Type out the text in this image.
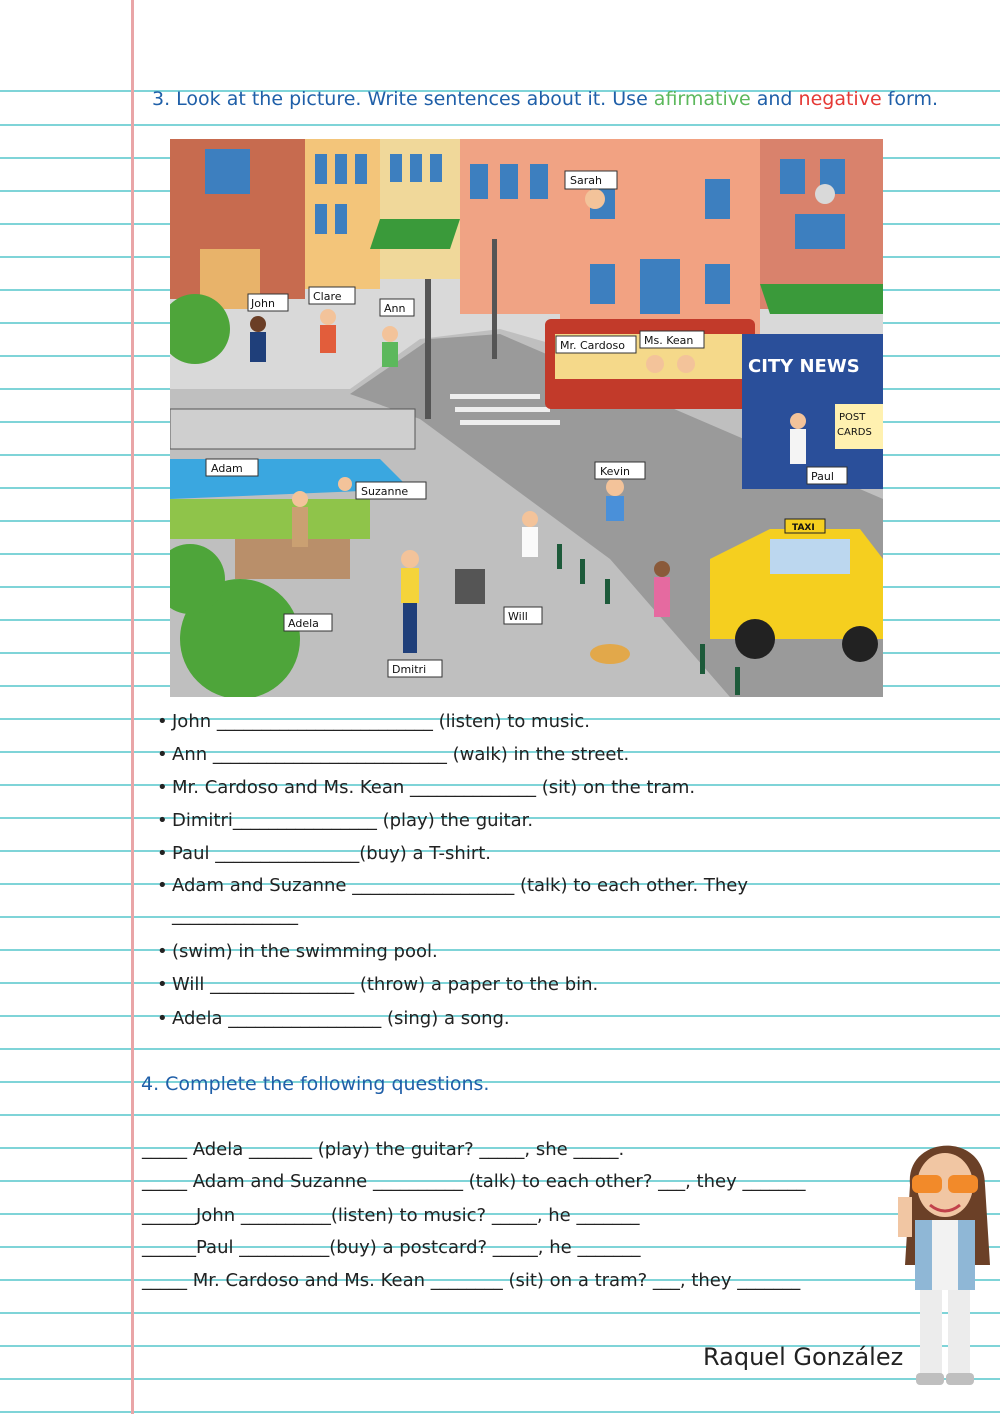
3. Look at the picture. Write sentences about it. Use afirmative and negative form.
Sarah
John
Clare
Ann
Mr. Cardoso Ms. Kean
CITY NEWS
POST
CARDS
Adam
Suzanne
Kevin	Paul
TAXI
Adela
Will
Dmitri
• John ________________________ (listen) to music.
• Ann __________________________ (walk) in the street.
• Mr. Cardoso and Ms. Kean ______________ (sit) on the tram.
• Dimitri________________ (play) the guitar.
• Paul ________________(buy) a T-shirt.
• Adam and Suzanne __________________ (talk) to each other. They
______________
• (swim) in the swimming pool.
• Will ________________ (throw) a paper to the bin.
• Adela _________________ (sing) a song.
4. Complete the following questions.
_____ Adela _______ (play) the guitar? _____, she _____.
_____ Adam and Suzanne __________ (talk) to each other? ___, they _______
______John __________(listen) to music? _____, he _______
______Paul __________(buy) a postcard? _____, he _______
_____ Mr. Cardoso and Ms. Kean ________ (sit) on a tram? ___, they _______
Raquel González
